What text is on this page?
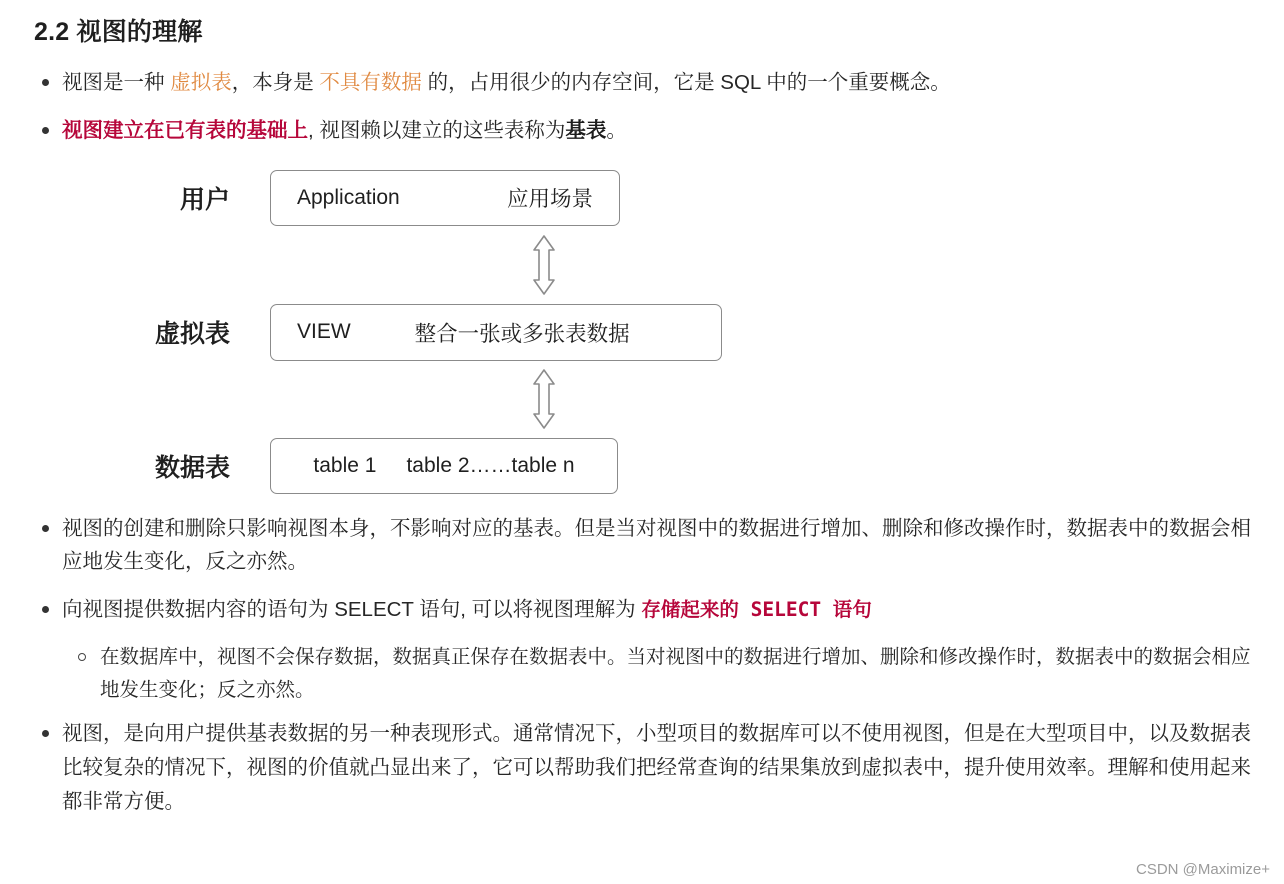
2.2 视图的理解
视图是一种 虚拟表，本身是 不具有数据 的，占用很少的内存空间，它是 SQL 中的一个重要概念。
视图建立在已有表的基础上, 视图赖以建立的这些表称为基表。
用户	Application	应用场景
虚拟表	VIEW	整合一张或多张表数据
数据表	table 1 table 2……table n
视图的创建和删除只影响视图本身，不影响对应的基表。但是当对视图中的数据进行增加、删除和修改操作时，数据表中的数据会相应地发生变化，反之亦然。
向视图提供数据内容的语句为 SELECT 语句, 可以将视图理解为 存储起来的 SELECT 语句
在数据库中，视图不会保存数据，数据真正保存在数据表中。当对视图中的数据进行增加、删除和修改操作时，数据表中的数据会相应地发生变化；反之亦然。
视图，是向用户提供基表数据的另一种表现形式。通常情况下，小型项目的数据库可以不使用视图，但是在大型项目中，以及数据表比较复杂的情况下，视图的价值就凸显出来了，它可以帮助我们把经常查询的结果集放到虚拟表中，提升使用效率。理解和使用起来都非常方便。
CSDN @Maximize+
